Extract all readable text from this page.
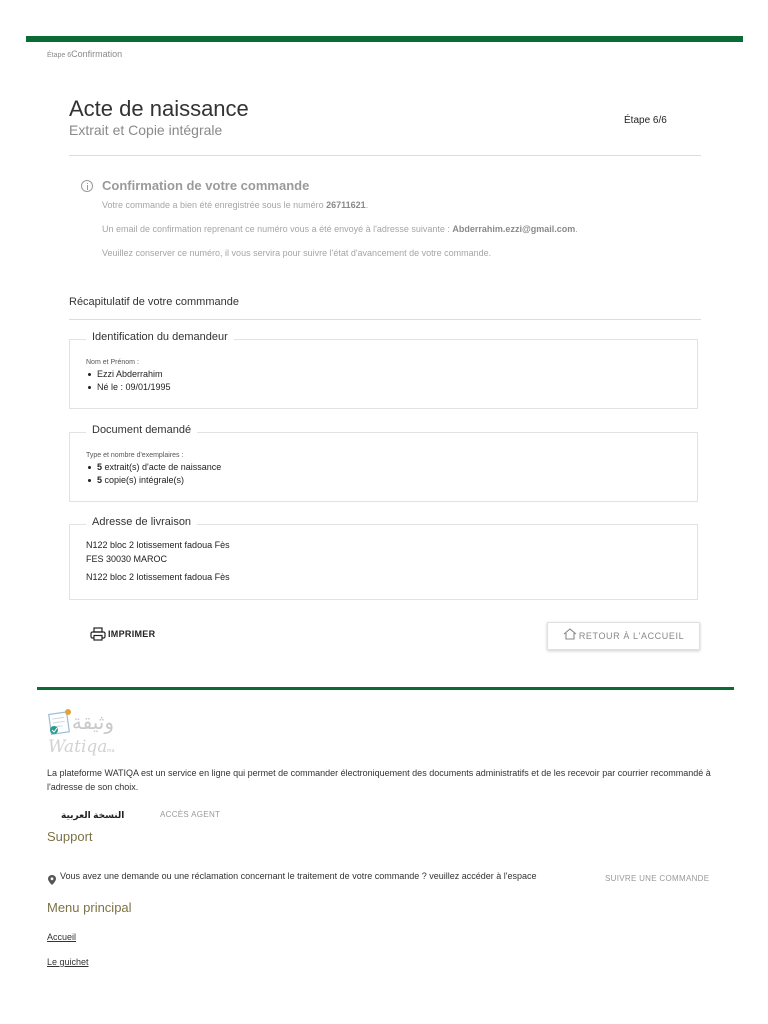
Étape 6Confirmation
Acte de naissance
Extrait et Copie intégrale
Étape 6/6
Confirmation de votre commande
Votre commande a bien été enregistrée sous le numéro 26711621.
Un email de confirmation reprenant ce numéro vous a été envoyé à l'adresse suivante : Abderrahim.ezzi@gmail.com.
Veuillez conserver ce numéro, il vous servira pour suivre l'état d'avancement de votre commande.
Récapitulatif de votre commmande
Identification du demandeur
Nom et Prénom :
Ezzi Abderrahim
Né le : 09/01/1995
Document demandé
Type et nombre d'exemplaires :
5 extrait(s) d'acte de naissance
5 copie(s) intégrale(s)
Adresse de livraison
N122 bloc 2 lotissement fadoua Fès
FES 30030 MAROC
N122 bloc 2 lotissement fadoua Fès
IMPRIMER	RETOUR À L'ACCUEIL
وثيقة
Watiqa
.ma

La plateforme WATIQA est un service en ligne qui permet de commander électroniquement des documents administratifs et de les recevoir par courrier recommandé à l'adresse de son choix.

النسخة العربية	ACCÈS AGENT
Support
Vous avez une demande ou une réclamation concernant le traitement de votre commande ? veuillez accéder à l'espace	SUIVRE UNE COMMANDE
Menu principal
Accueil
Le guichet
